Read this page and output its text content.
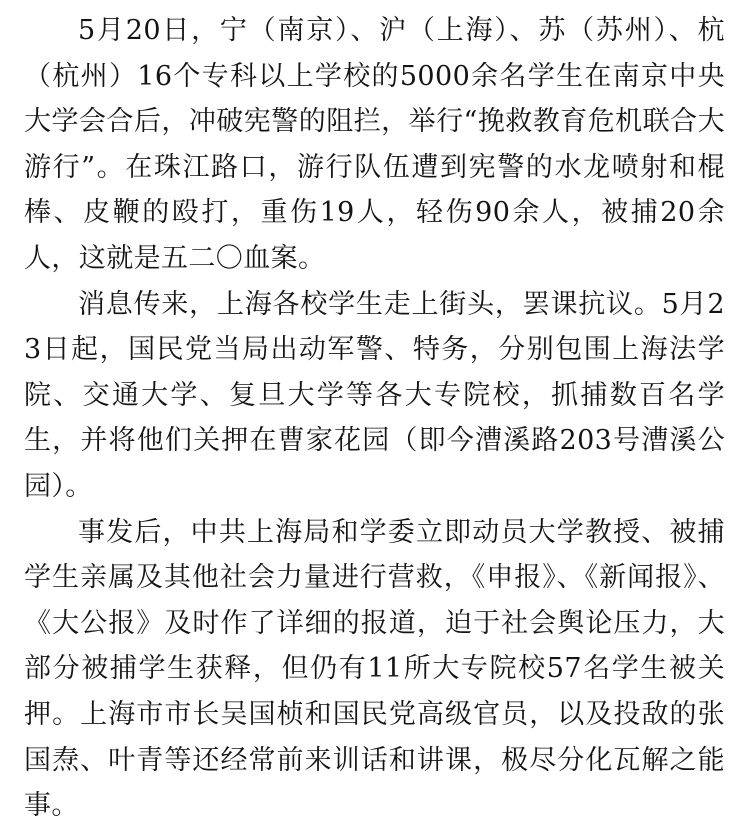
5月20日，宁（南京）、沪（上海）、苏（苏州）、杭（杭州）16个专科以上学校的5000余名学生在南京中央大学会合后，冲破宪警的阻拦，举行“挽救教育危机联合大游行”。在珠江路口，游行队伍遭到宪警的水龙喷射和棍棒、皮鞭的殴打，重伤19人，轻伤90余人，被捕20余人，这就是五二〇血案。

消息传来，上海各校学生走上街头，罢课抗议。5月23日起，国民党当局出动军警、特务，分别包围上海法学院、交通大学、复旦大学等各大专院校，抓捕数百名学生，并将他们关押在曹家花园（即今漕溪路203号漕溪公园）。

事发后，中共上海局和学委立即动员大学教授、被捕学生亲属及其他社会力量进行营救，《申报》、《新闻报》、《大公报》及时作了详细的报道，迫于社会舆论压力，大部分被捕学生获释，但仍有11所大专院校57名学生被关押。上海市市长吴国桢和国民党高级官员，以及投敌的张国焘、叶青等还经常前来训话和讲课，极尽分化瓦解之能事。
